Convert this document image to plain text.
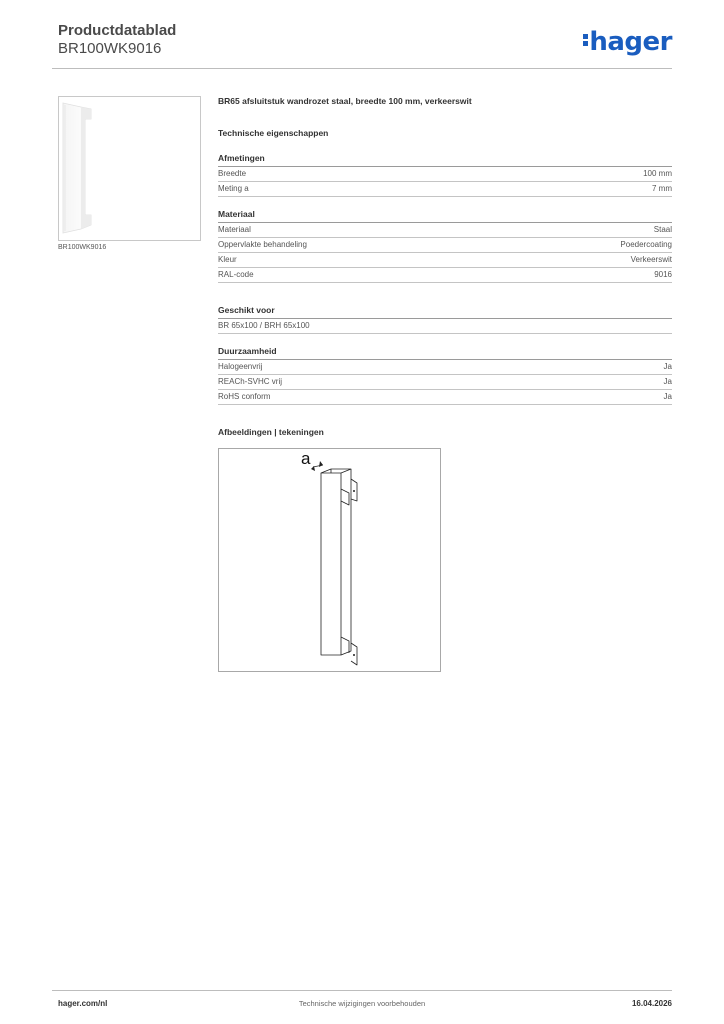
Productdatablad
BR100WK9016	hager
BR100WK9016
BR65 afsluitstuk wandrozet staal, breedte 100 mm, verkeerswit
Technische eigenschappen
Afmetingen
Breedte	100 mm
Meting a	7 mm
Materiaal
Materiaal	Staal
Oppervlakte behandeling	Poedercoating
Kleur	Verkeerswit
RAL-code	9016
Geschikt voor
BR 65x100 / BRH 65x100
Duurzaamheid
Halogeenvrij	Ja
REACh-SVHC vrij	Ja
RoHS conform	Ja
Afbeeldingen | tekeningen
a
hager.com/nl	Technische wijzigingen voorbehouden	16.04.2026
